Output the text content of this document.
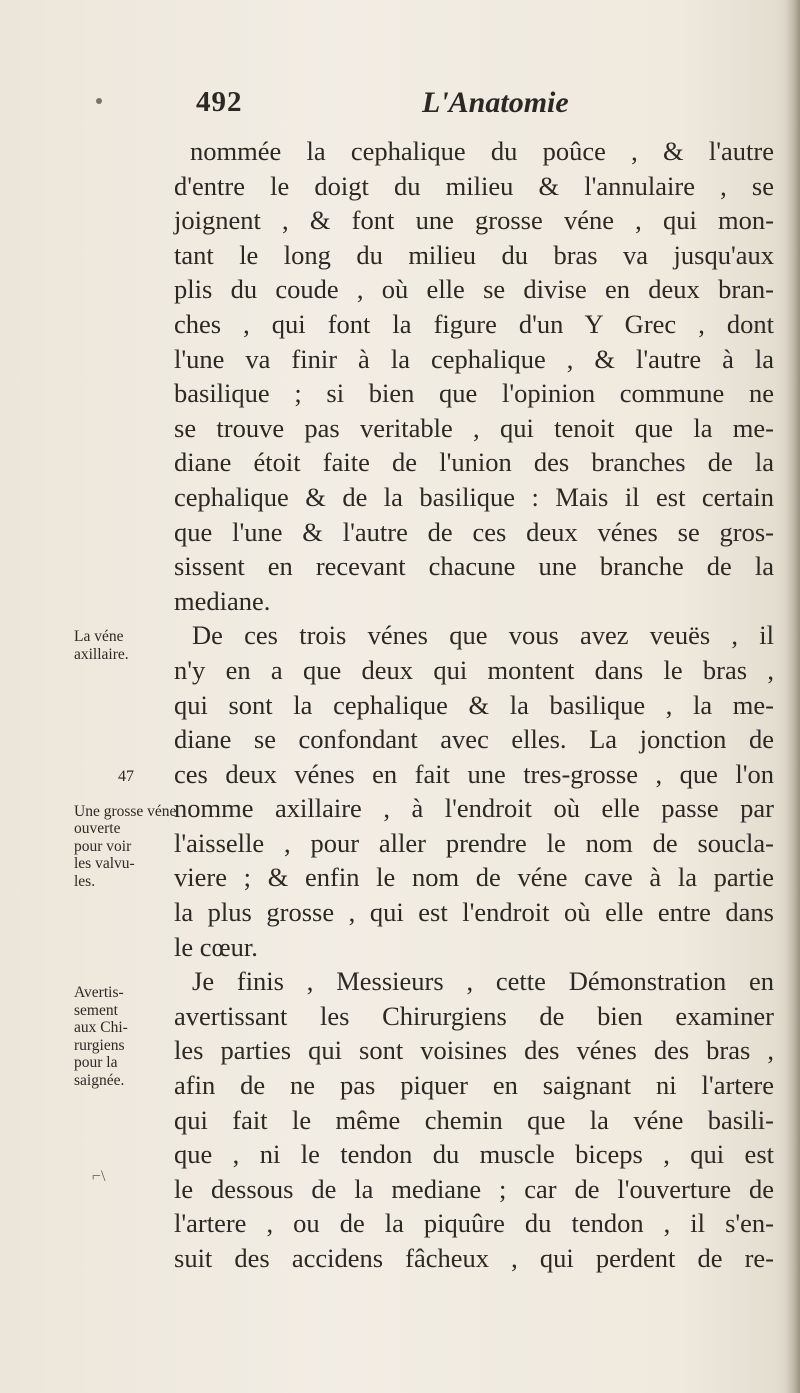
492	L'Anatomie
nommée la cephalique du poûce , & l'autre
d'entre le doigt du milieu & l'annulaire , se
joignent , & font une grosse véne , qui mon-
tant le long du milieu du bras va jusqu'aux
plis du coude , où elle se divise en deux bran-
ches , qui font la figure d'un Y Grec , dont
l'une va finir à la cephalique , & l'autre à la
basilique ; si bien que l'opinion commune ne
se trouve pas veritable , qui tenoit que la me-
diane étoit faite de l'union des branches de la
cephalique & de la basilique : Mais il est certain
que l'une & l'autre de ces deux vénes se gros-
sissent en recevant chacune une branche de la
mediane.
De ces trois vénes que vous avez veuës , il
n'y en a que deux qui montent dans le bras ,
qui sont la cephalique & la basilique , la me-
diane se confondant avec elles. La jonction de
ces deux vénes en fait une tres-grosse , que l'on
nomme axillaire , à l'endroit où elle passe par
l'aisselle , pour aller prendre le nom de soucla-
viere ; & enfin le nom de véne cave à la partie
la plus grosse , qui est l'endroit où elle entre dans
le cœur.
Je finis , Messieurs , cette Démonstration en
avertissant les Chirurgiens de bien examiner
les parties qui sont voisines des vénes des bras ,
afin de ne pas piquer en saignant ni l'artere
qui fait le même chemin que la véne basili-
que , ni le tendon du muscle biceps , qui est
le dessous de la mediane ; car de l'ouverture de
l'artere , ou de la piquûre du tendon , il s'en-
suit des accidens fâcheux , qui perdent de re-
La véne
axillaire.

47

Une grosse véne
ouverte
pour voir
les valvu-
les.

Avertis-
sement
aux Chi-
rurgiens
pour la
saignée.
⌐\
